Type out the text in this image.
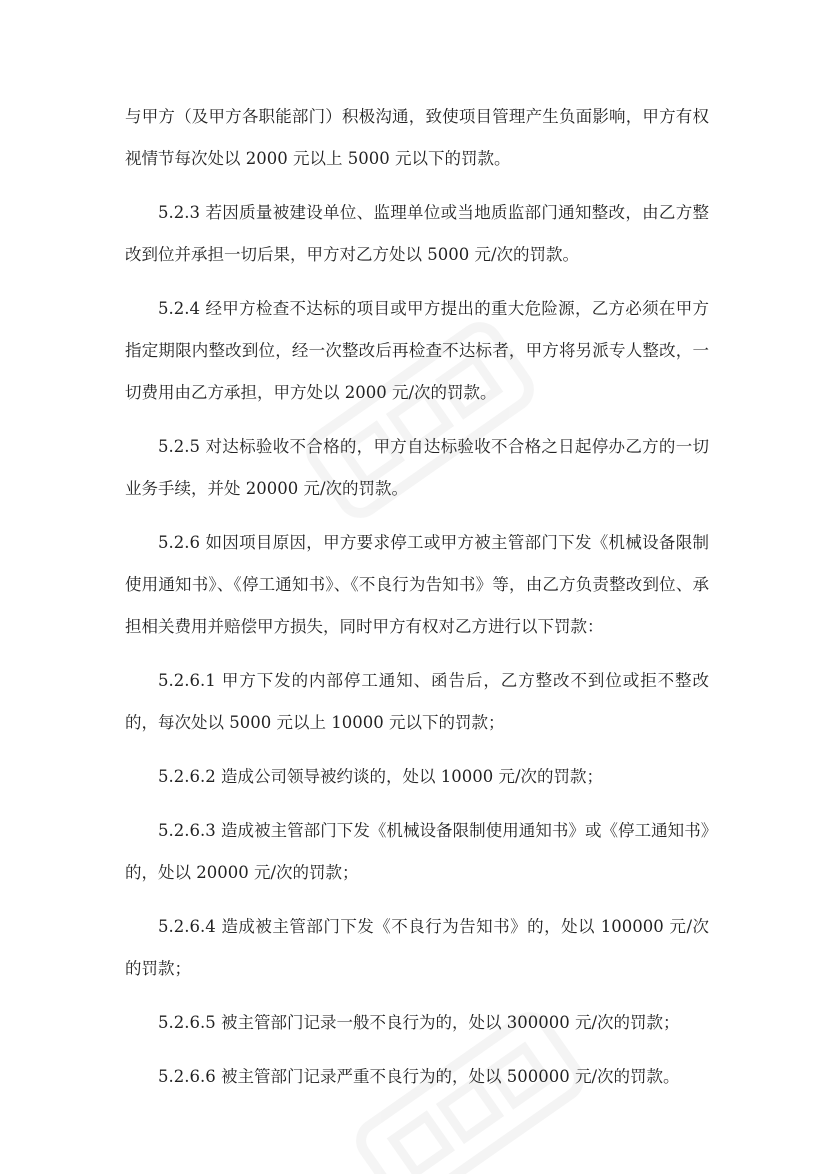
与甲方（及甲方各职能部门）积极沟通，致使项目管理产生负面影响，甲方有权视情节每次处以 2000 元以上 5000 元以下的罚款。

5.2.3 若因质量被建设单位、监理单位或当地质监部门通知整改，由乙方整改到位并承担一切后果，甲方对乙方处以 5000 元/次的罚款。

5.2.4 经甲方检查不达标的项目或甲方提出的重大危险源，乙方必须在甲方指定期限内整改到位，经一次整改后再检查不达标者，甲方将另派专人整改，一切费用由乙方承担，甲方处以 2000 元/次的罚款。

5.2.5 对达标验收不合格的，甲方自达标验收不合格之日起停办乙方的一切业务手续，并处 20000 元/次的罚款。

5.2.6 如因项目原因，甲方要求停工或甲方被主管部门下发《机械设备限制使用通知书》、《停工通知书》、《不良行为告知书》等，由乙方负责整改到位、承担相关费用并赔偿甲方损失，同时甲方有权对乙方进行以下罚款：

5.2.6.1 甲方下发的内部停工通知、函告后，乙方整改不到位或拒不整改的，每次处以 5000 元以上 10000 元以下的罚款；

5.2.6.2 造成公司领导被约谈的，处以 10000 元/次的罚款；

5.2.6.3 造成被主管部门下发《机械设备限制使用通知书》或《停工通知书》的，处以 20000 元/次的罚款；

5.2.6.4 造成被主管部门下发《不良行为告知书》的，处以 100000 元/次的罚款；

5.2.6.5 被主管部门记录一般不良行为的，处以 300000 元/次的罚款；

5.2.6.6 被主管部门记录严重不良行为的，处以 500000 元/次的罚款。
